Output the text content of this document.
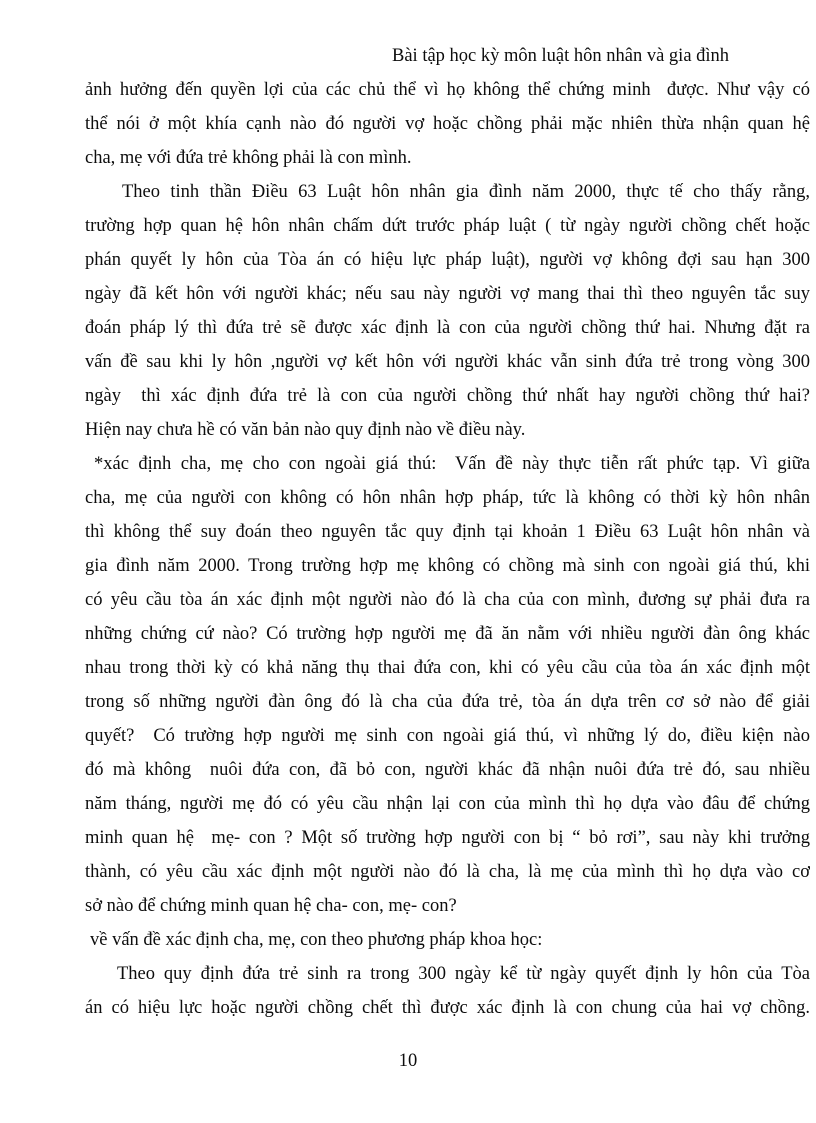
Bài tập học kỳ môn luật hôn nhân và gia đình
ảnh hưởng đến quyền lợi của các chủ thể vì họ không thể chứng minh  được. Như vậy có
thể nói ở một khía cạnh nào đó người vợ hoặc chồng phải mặc nhiên thừa nhận quan hệ
cha, mẹ với đứa trẻ không phải là con mình.
Theo tinh thần Điều 63 Luật hôn nhân gia đình năm 2000, thực tế cho thấy rằng,
trường hợp quan hệ hôn nhân chấm dứt trước pháp luật ( từ ngày người chồng chết hoặc
phán quyết ly hôn của Tòa án có hiệu lực pháp luật), người vợ không đợi sau hạn 300
ngày đã kết hôn với người khác; nếu sau này người vợ mang thai thì theo nguyên tắc suy
đoán pháp lý thì đứa trẻ sẽ được xác định là con của người chồng thứ hai. Nhưng đặt ra
vấn đề sau khi ly hôn ,người vợ kết hôn với người khác vẫn sinh đứa trẻ trong vòng 300
ngày  thì xác định đứa trẻ là con của người chồng thứ nhất hay người chồng thứ hai?
Hiện nay chưa hề có văn bản nào quy định nào về điều này.
*xác định cha, mẹ cho con ngoài giá thú:  Vấn đề này thực tiễn rất phức tạp. Vì giữa
cha, mẹ của người con không có hôn nhân hợp pháp, tức là không có thời kỳ hôn nhân
thì không thể suy đoán theo nguyên tắc quy định tại khoản 1 Điều 63 Luật hôn nhân và
gia đình năm 2000. Trong trường hợp mẹ không có chồng mà sinh con ngoài giá thú, khi
có yêu cầu tòa án xác định một người nào đó là cha của con mình, đương sự phải đưa ra
những chứng cứ nào? Có trường hợp người mẹ đã ăn nằm với nhiều người đàn ông khác
nhau trong thời kỳ có khả năng thụ thai đứa con, khi có yêu cầu của tòa án xác định một
trong số những người đàn ông đó là cha của đứa trẻ, tòa án dựa trên cơ sở nào để giải
quyết?  Có trường hợp người mẹ sinh con ngoài giá thú, vì những lý do, điều kiện nào
đó mà không  nuôi đứa con, đã bỏ con, người khác đã nhận nuôi đứa trẻ đó, sau nhiều
năm tháng, người mẹ đó có yêu cầu nhận lại con của mình thì họ dựa vào đâu để chứng
minh quan hệ  mẹ- con ? Một số trường hợp người con bị “ bỏ rơi”, sau này khi trưởng
thành, có yêu cầu xác định một người nào đó là cha, là mẹ của mình thì họ dựa vào cơ
sở nào để chứng minh quan hệ cha- con, mẹ- con?
về vấn đề xác định cha, mẹ, con theo phương pháp khoa học:
Theo quy định đứa trẻ sinh ra trong 300 ngày kể từ ngày quyết định ly hôn của Tòa
án có hiệu lực hoặc người chồng chết thì được xác định là con chung của hai vợ chồng.
10
